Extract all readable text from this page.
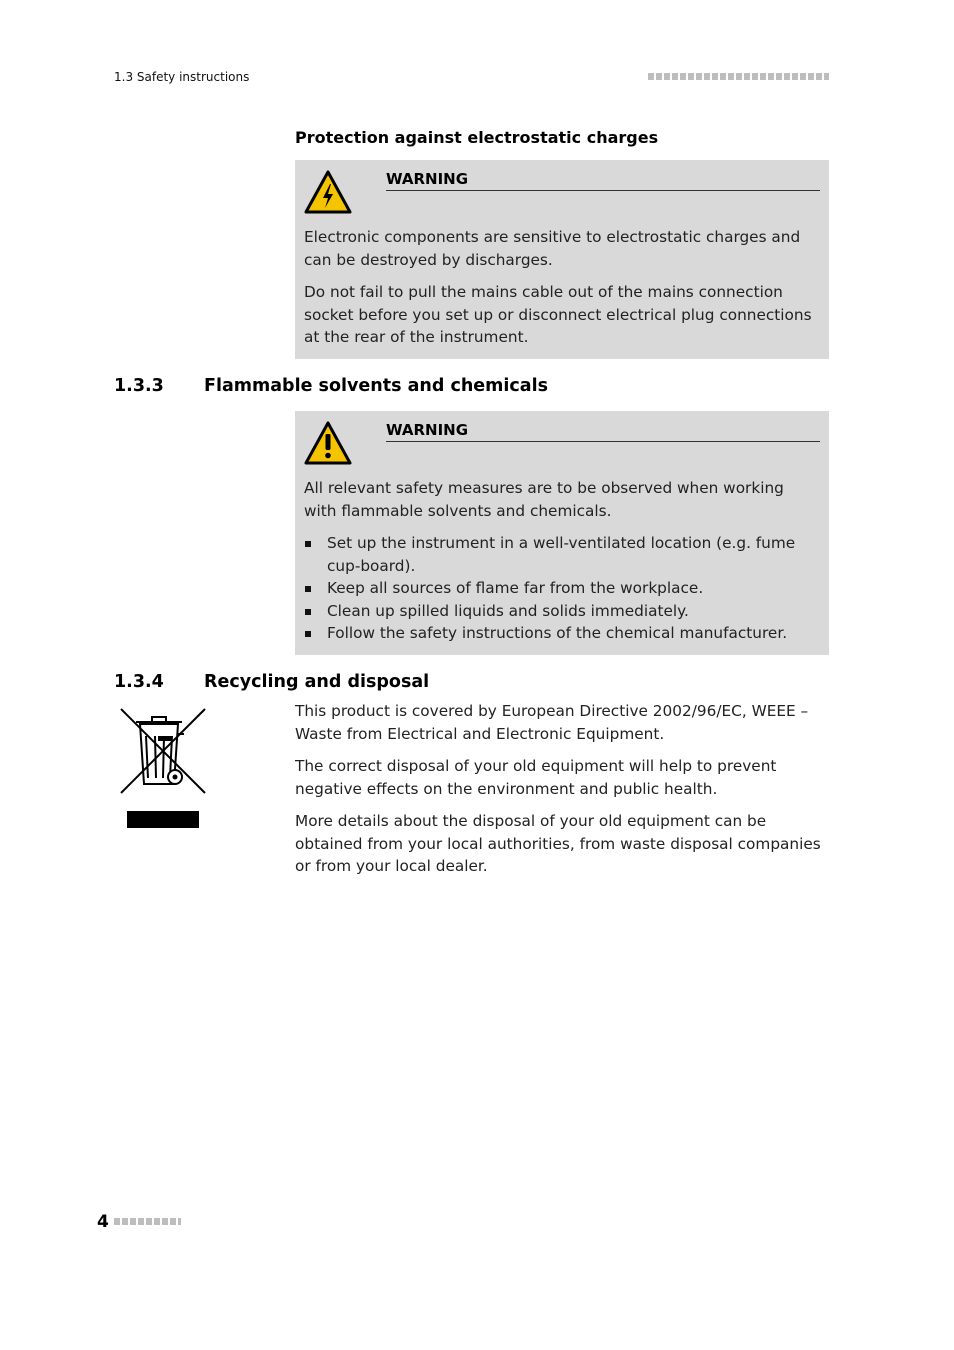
1.3 Safety instructions
Protection against electrostatic charges
WARNING

Electronic components are sensitive to electrostatic charges and can be destroyed by discharges.

Do not fail to pull the mains cable out of the mains connection socket before you set up or disconnect electrical plug connections at the rear of the instrument.

1.3.3 Flammable solvents and chemicals
WARNING

All relevant safety measures are to be observed when working with flammable solvents and chemicals.

Set up the instrument in a well-ventilated location (e.g. fume cup-board).
Keep all sources of flame far from the workplace.
Clean up spilled liquids and solids immediately.
Follow the safety instructions of the chemical manufacturer.
1.3.4 Recycling and disposal

This product is covered by European Directive 2002/96/EC, WEEE – Waste from Electrical and Electronic Equipment.

The correct disposal of your old equipment will help to prevent negative effects on the environment and public health.

More details about the disposal of your old equipment can be obtained from your local authorities, from waste disposal companies or from your local dealer.

4
